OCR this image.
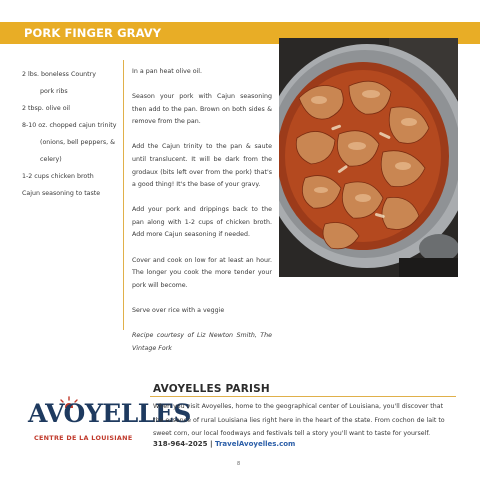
PORK FINGER GRAVY
2 lbs. boneless Country
pork ribs
2 tbsp. olive oil
8-10 oz. chopped cajun trinity
(onions, bell peppers, &
celery)
1-2 cups chicken broth
Cajun seasoning to taste

In a pan heat olive oil.

Season your pork with Cajun seasoning then add to the pan. Brown on both sides & remove from the pan.

Add the Cajun trinity to the pan & saute until translucent. It will be dark from the grodaux (bits left over from the pork) that's a good thing! It's the base of your gravy.

Add your pork and drippings back to the pan along with 1-2 cups of chicken broth. Add more Cajun seasoning if needed.

Cover and cook on low for at least an hour. The longer you cook the more tender your pork will become.

Serve over rice with a veggie

Recipe courtesy of Liz Newton Smith, The Vintage Fork

AVOYELLES
CENTRE DE LA LOUISIANE
AVOYELLES PARISH
When you visit Avoyelles, home to the geographical center of Louisiana, you'll discover that the essence of rural Louisiana lies right here in the heart of the state. From cochon de lait to sweet corn, our local foodways and festivals tell a story you'll want to taste for yourself.
318-964-2025 | TravelAvoyelles.com
8
